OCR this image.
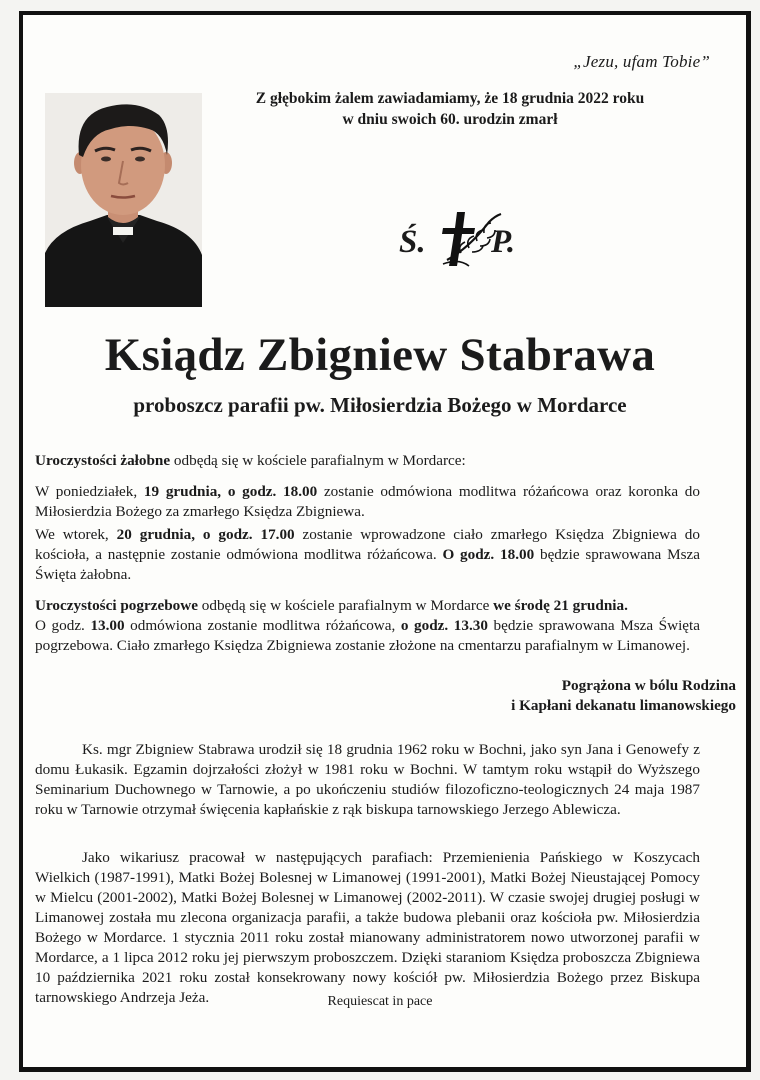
„Jezu, ufam Tobie”
Z głębokim żalem zawiadamiamy, że 18 grudnia 2022 roku
w dniu swoich 60. urodzin zmarł
Ś. P.
Ksiądz Zbigniew Stabrawa
proboszcz parafii pw. Miłosierdzia Bożego w Mordarce

Uroczystości żałobne odbędą się w kościele parafialnym w Mordarce:

W poniedziałek, 19 grudnia, o godz. 18.00 zostanie odmówiona modlitwa różańcowa oraz koronka do Miłosierdzia Bożego za zmarłego Księdza Zbigniewa.

We wtorek, 20 grudnia, o godz. 17.00 zostanie wprowadzone ciało zmarłego Księdza Zbigniewa do kościoła, a następnie zostanie odmówiona modlitwa różańcowa. O godz. 18.00 będzie sprawowana Msza Święta żałobna.

Uroczystości pogrzebowe odbędą się w kościele parafialnym w Mordarce we środę 21 grudnia.
O godz. 13.00 odmówiona zostanie modlitwa różańcowa, o godz. 13.30 będzie sprawowana Msza Święta pogrzebowa. Ciało zmarłego Księdza Zbigniewa zostanie złożone na cmentarzu parafialnym w Limanowej.

Pogrążona w bólu Rodzina
i Kapłani dekanatu limanowskiego

Ks. mgr Zbigniew Stabrawa urodził się 18 grudnia 1962 roku w Bochni, jako syn Jana i Genowefy z domu Łukasik. Egzamin dojrzałości złożył w 1981 roku w Bochni. W tamtym roku wstąpił do Wyższego Seminarium Duchownego w Tarnowie, a po ukończeniu studiów filozoficzno-teologicznych 24 maja 1987 roku w Tarnowie otrzymał święcenia kapłańskie z rąk biskupa tarnowskiego Jerzego Ablewicza.

Jako wikariusz pracował w następujących parafiach: Przemienienia Pańskiego w Koszycach Wielkich (1987-1991), Matki Bożej Bolesnej w Limanowej (1991-2001), Matki Bożej Nieustającej Pomocy w Mielcu (2001-2002), Matki Bożej Bolesnej w Limanowej (2002-2011). W czasie swojej drugiej posługi w Limanowej została mu zlecona organizacja parafii, a także budowa plebanii oraz kościoła pw. Miłosierdzia Bożego w Mordarce. 1 stycznia 2011 roku został mianowany administratorem nowo utworzonej parafii w Mordarce, a 1 lipca 2012 roku jej pierwszym proboszczem. Dzięki staraniom Księdza proboszcza Zbigniewa 10 października 2021 roku został konsekrowany nowy kościół pw. Miłosierdzia Bożego przez Biskupa tarnowskiego Andrzeja Jeża.	Requiescat in pace
